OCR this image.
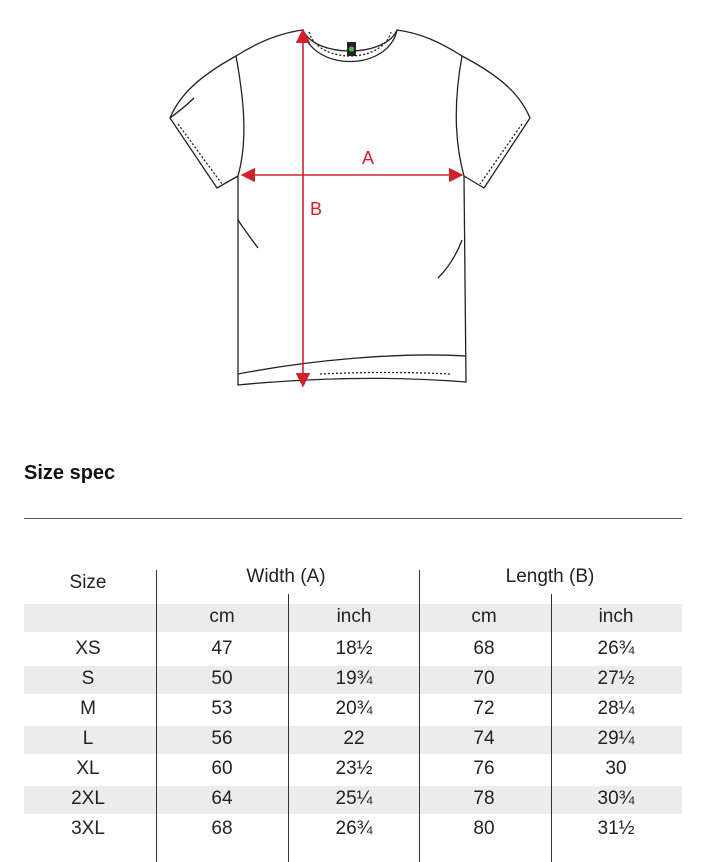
A
B
Size spec
Size	Width (A)	Length (B)
cm	inch	cm	inch
XS	47	18½	68	26¾
S	50	19¾	70	27½
M	53	20¾	72	28¼
L	56	22	74	29¼
XL	60	23½	76	30
2XL	64	25¼	78	30¾
3XL	68	26¾	80	31½
